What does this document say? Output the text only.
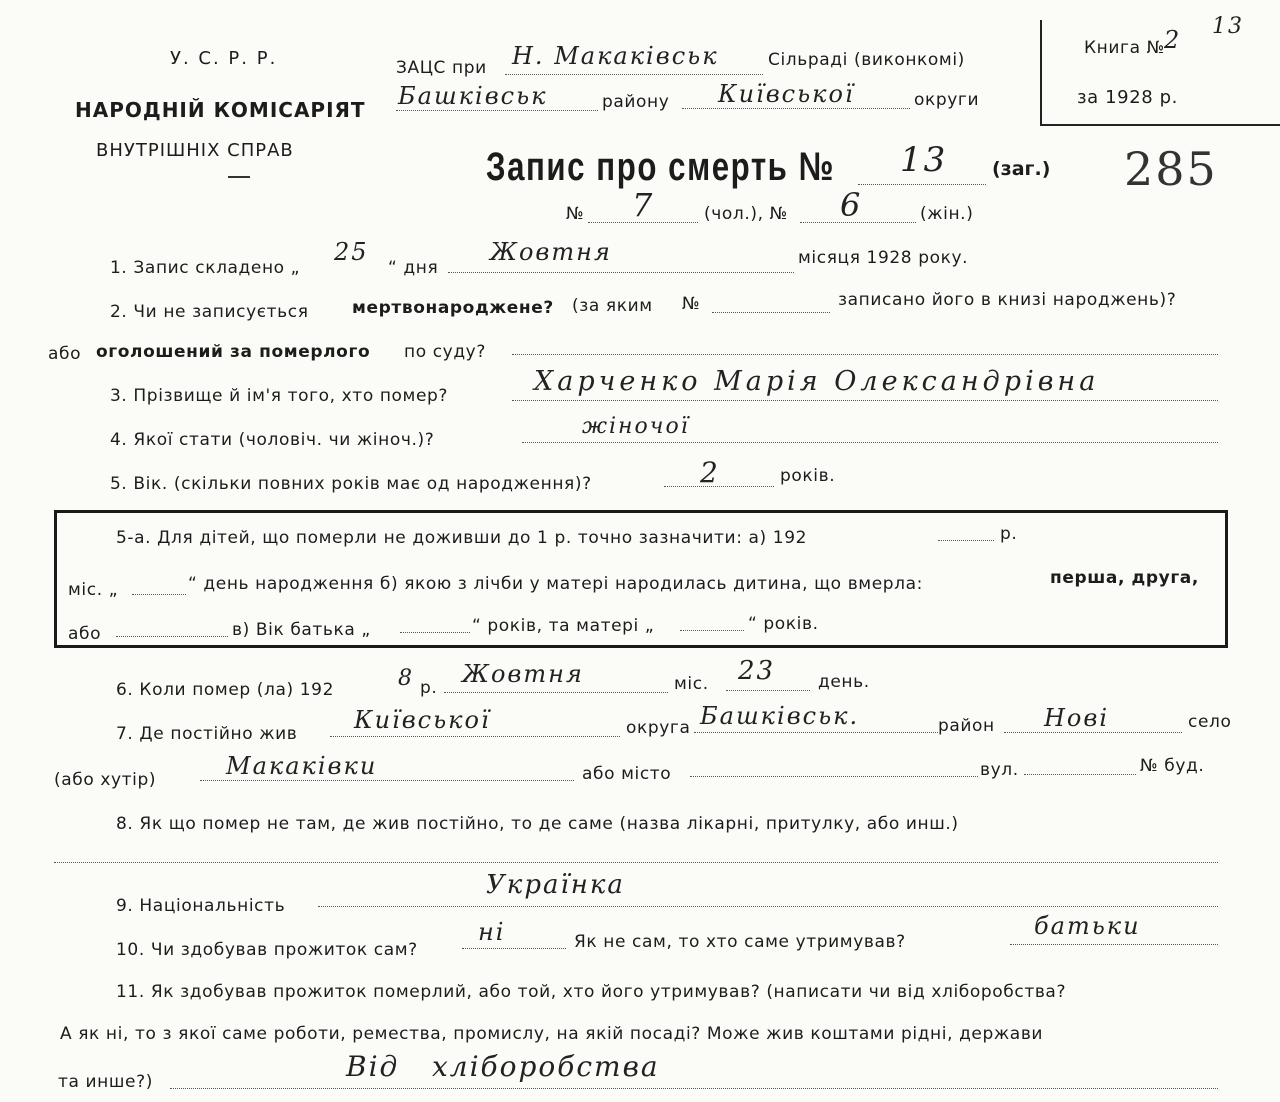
У. С. Р. Р.
НАРОДНІЙ КОМІСАРІЯТ
ВНУТРІШНІХ СПРАВ
ЗАЦС при Н. Макаківськ	Сільраді (виконкомі)
Башківськ	району Київської	округи
Книга № 2 13
за 1928 р.
285
Запис про смерть № 13 (заг.)
№ 7	(чол.), № 6	(жін.)
1. Запис складено „
25
“ дня
Жовтня	місяця 1928 року.
2. Чи не записується	мертвонароджене? (за яким №	записано його в книзі народжень)?
або оголошений за померлого по суду?
3. Прізвище й ім'я того, хто помер?	Харченко Марія Олександрівна
4. Якої стати (чоловіч. чи жіноч.)?
жіночої
5. Вік. (скільки повних років має од народження)?	2	років.
5-а. Для дітей, що померли не доживши до 1 р. точно зазначити: а) 192	р.
міс. „	“ день народження б) якою з лічби у матері народилась дитина, що вмерла:	перша, друга,
або	в) Вік батька „	“ років, та матері „	“ років.
6. Коли помер (ла) 192	8 р. Жовтня	міс. 23	день.
7. Де постійно жив Київської	округа Башківськ.	район Нові	село
(або хутір)	Макаківки	або місто	вул.	№ буд.
8. Як що помер не там, де жив постійно, то де саме (назва лікарні, притулку, або инш.)
9. Національність
Українка
10. Чи здобував прожиток сам?
ні	Як не сам, то хто саме утримував?
батьки
11. Як здобував прожиток померлий, або той, хто його утримував? (написати чи від хліборобства?
А як ні, то з якої саме роботи, ремества, промислу, на якій посаді? Може жив коштами рідні, держави
та инше?)	Від   хліборобства
